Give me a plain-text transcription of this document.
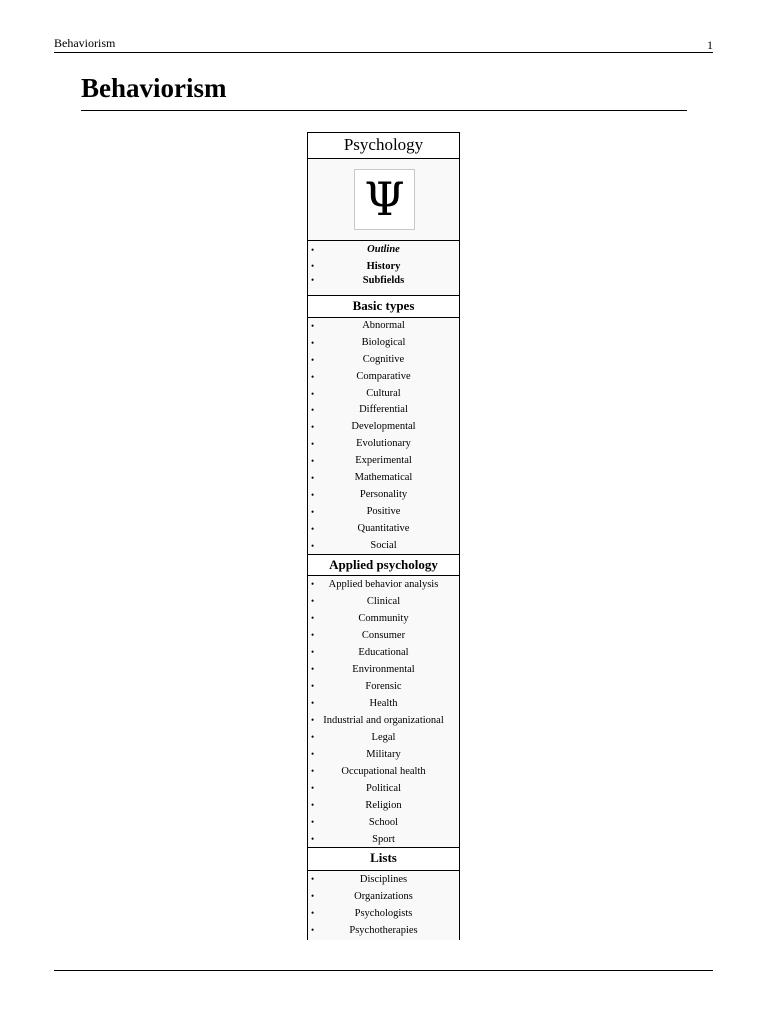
Behaviorism	1
Behaviorism
Psychology
Ψ
• Outline
• History
• Subfields
Basic types
• Abnormal
• Biological
• Cognitive
• Comparative
• Cultural
• Differential
• Developmental
• Evolutionary
• Experimental
• Mathematical
• Personality
• Positive
• Quantitative
• Social
Applied psychology
• Applied behavior analysis
• Clinical
• Community
• Consumer
• Educational
• Environmental
• Forensic
• Health
• Industrial and organizational
• Legal
• Military
• Occupational health
• Political
• Religion
• School
• Sport
Lists
• Disciplines
• Organizations
• Psychologists
• Psychotherapies
